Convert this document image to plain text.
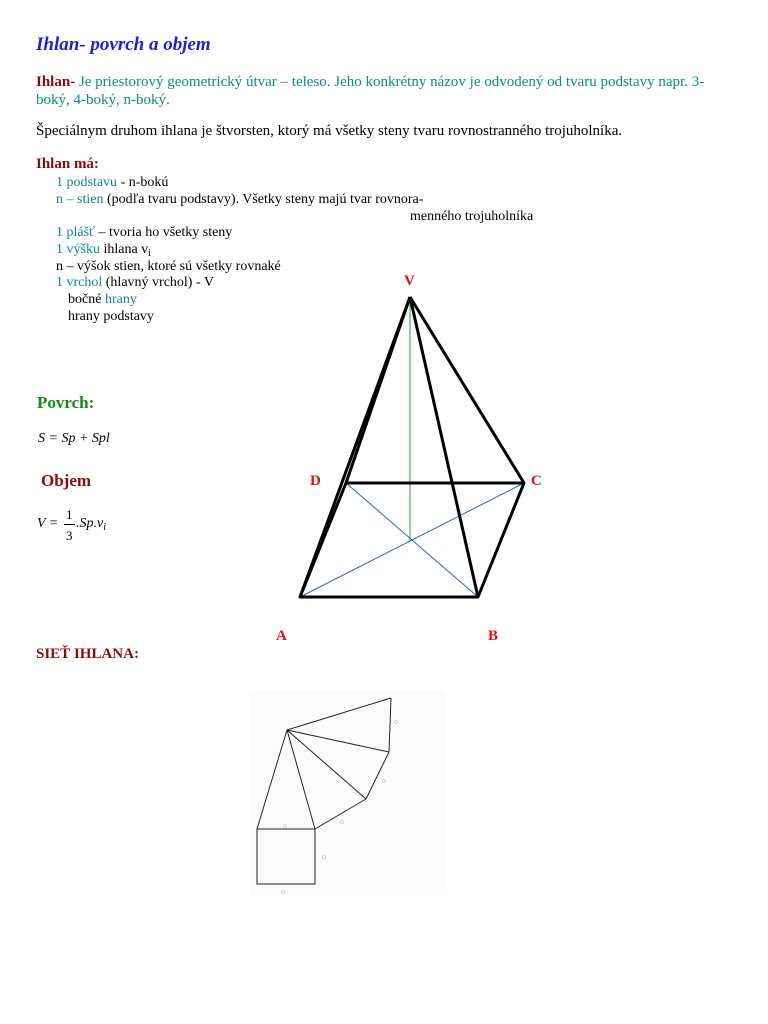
Ihlan- povrch a objem
Ihlan- Je priestorový geometrický útvar – teleso. Jeho konkrétny názov je odvodený od tvaru podstavy napr. 3-boký, 4-boký, n-boký.
Špeciálnym druhom ihlana je štvorsten, ktorý má všetky steny tvaru rovnostranného trojuholníka.
Ihlan má:
1 podstavu - n-bokú
n – stien (podľa tvaru podstavy). Všetky steny majú tvar rovnora-
menného trojuholníka
1 plášť – tvoria ho všetky steny
1 výšku ihlana $v_i$
n – výšok stien, ktoré sú všetky rovnaké
1 vrchol (hlavný vrchol) - V
bočné hrany
hrany podstavy
Povrch:
S = Sp + Spl
Objem
V =
1
3
$.Sp.v_i$
V
D	C
A	B
SIEŤ IHLANA:
